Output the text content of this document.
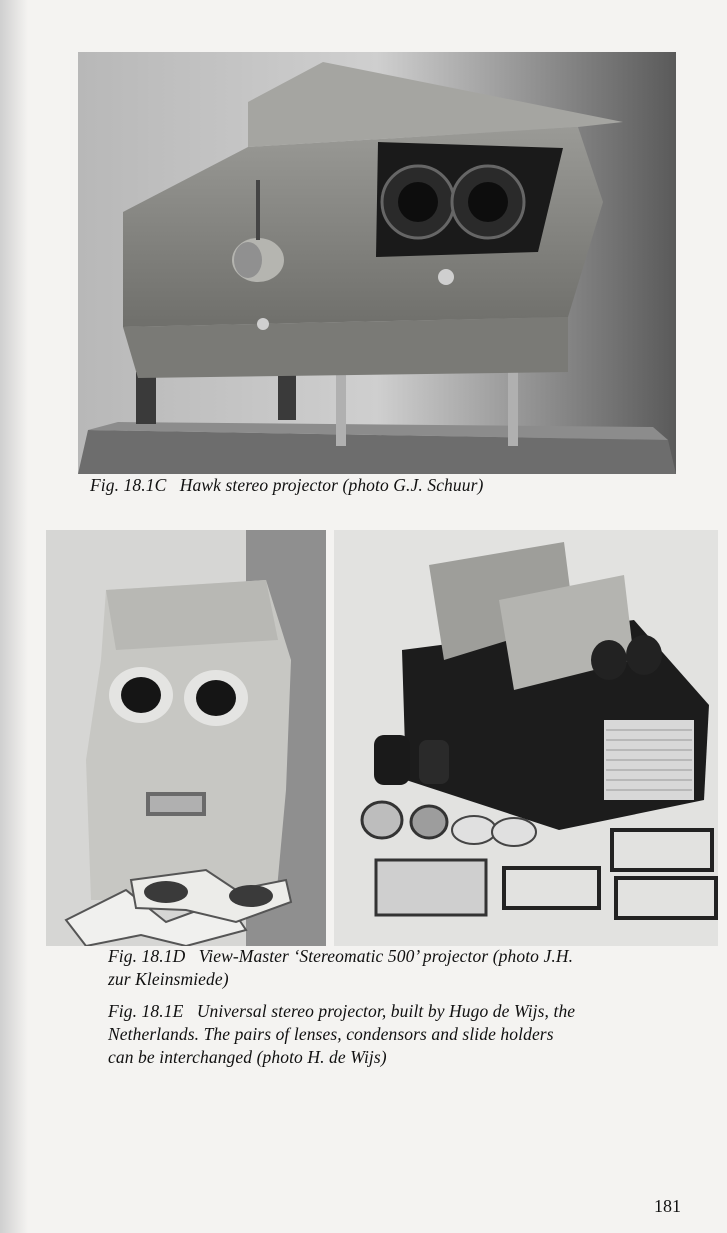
Fig. 18.1C Hawk stereo projector (photo G.J. Schuur)
Fig. 18.1D View-Master ‘Stereomatic 500’ projector (photo J.H.
zur Kleinsmiede)
Fig. 18.1E Universal stereo projector, built by Hugo de Wijs, the
Netherlands. The pairs of lenses, condensors and slide holders
can be interchanged (photo H. de Wijs)
181
